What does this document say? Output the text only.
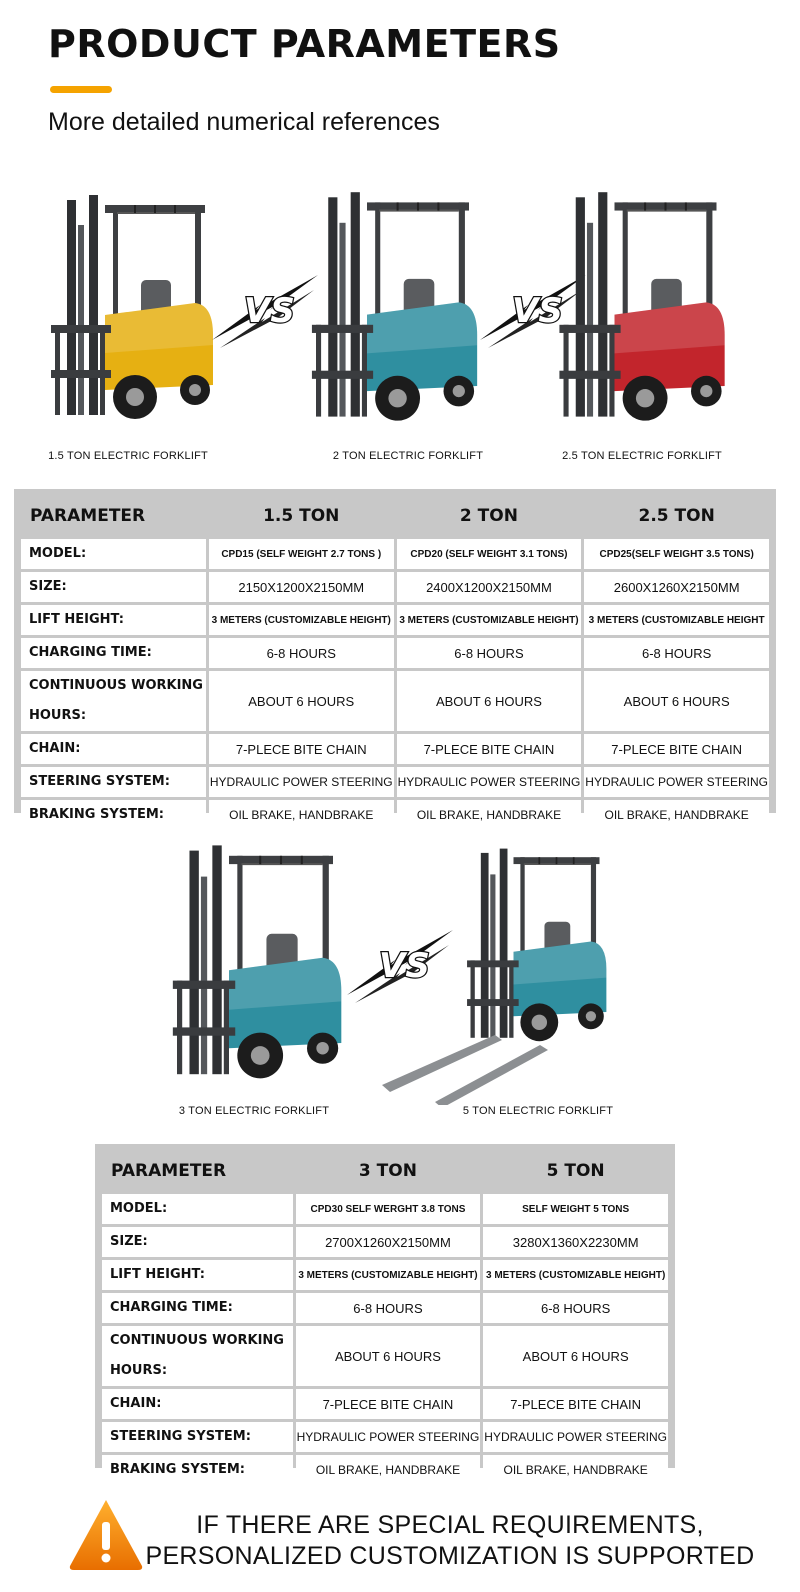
PRODUCT PARAMETERS
More detailed numerical references
1.5 TON ELECTRIC FORKLIFT	2 TON ELECTRIC FORKLIFT	2.5 TON ELECTRIC FORKLIFT
PARAMETER	1.5 TON	2 TON	2.5 TON
MODEL:	CPD15 (SELF WEIGHT 2.7 TONS )	CPD20 (SELF WEIGHT 3.1 TONS)	CPD25(SELF WEIGHT 3.5 TONS)
SIZE:	2150X1200X2150MM	2400X1200X2150MM	2600X1260X2150MM
LIFT HEIGHT:	3 METERS (CUSTOMIZABLE HEIGHT)	3 METERS (CUSTOMIZABLE HEIGHT)	3 METERS (CUSTOMIZABLE HEIGHT
CHARGING TIME:	6-8 HOURS	6-8 HOURS	6-8 HOURS
CONTINUOUS WORKING HOURS:	ABOUT 6 HOURS	ABOUT 6 HOURS	ABOUT 6 HOURS
CHAIN:	7-PLECE BITE CHAIN	7-PLECE BITE CHAIN	7-PLECE BITE CHAIN
STEERING SYSTEM:	HYDRAULIC POWER STEERING	HYDRAULIC POWER STEERING	HYDRAULIC POWER STEERING
BRAKING SYSTEM:	OIL BRAKE, HANDBRAKE	OIL BRAKE, HANDBRAKE	OIL BRAKE, HANDBRAKE
3 TON ELECTRIC FORKLIFT	5 TON ELECTRIC FORKLIFT
PARAMETER	3 TON	5 TON
MODEL:	CPD30 SELF WERGHT 3.8 TONS	SELF WEIGHT 5 TONS
SIZE:	2700X1260X2150MM	3280X1360X2230MM
LIFT HEIGHT:	3 METERS (CUSTOMIZABLE HEIGHT)	3 METERS (CUSTOMIZABLE HEIGHT)
CHARGING TIME:	6-8 HOURS	6-8 HOURS
CONTINUOUS WORKING HOURS:	ABOUT 6 HOURS	ABOUT 6 HOURS
CHAIN:	7-PLECE BITE CHAIN	7-PLECE BITE CHAIN
STEERING SYSTEM:	HYDRAULIC POWER STEERING	HYDRAULIC POWER STEERING
BRAKING SYSTEM:	OIL BRAKE, HANDBRAKE	OIL BRAKE, HANDBRAKE
IF THERE ARE SPECIAL REQUIREMENTS,
PERSONALIZED CUSTOMIZATION IS SUPPORTED
